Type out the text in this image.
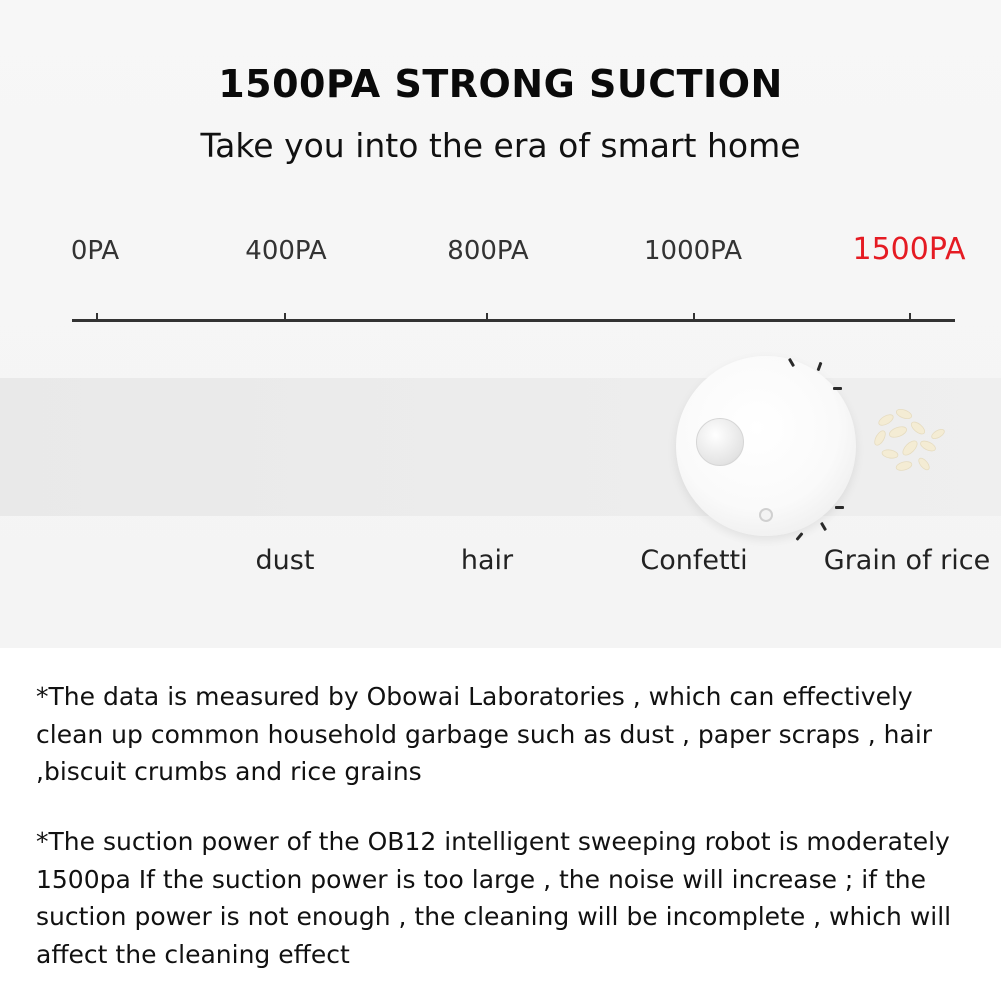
1500PA STRONG SUCTION
Take you into the era of smart home
0PA	400PA	800PA	1000PA	1500PA
dust	hair	Confetti	Grain of rice

*The data is measured by Obowai Laboratories , which can effectively clean up common household garbage such as dust , paper scraps , hair ,biscuit crumbs and rice grains

*The suction power of the OB12 intelligent sweeping robot is moderately 1500pa If the suction power is too large , the noise will increase ; if the suction power is not enough , the cleaning will be incomplete , which will affect the cleaning effect
